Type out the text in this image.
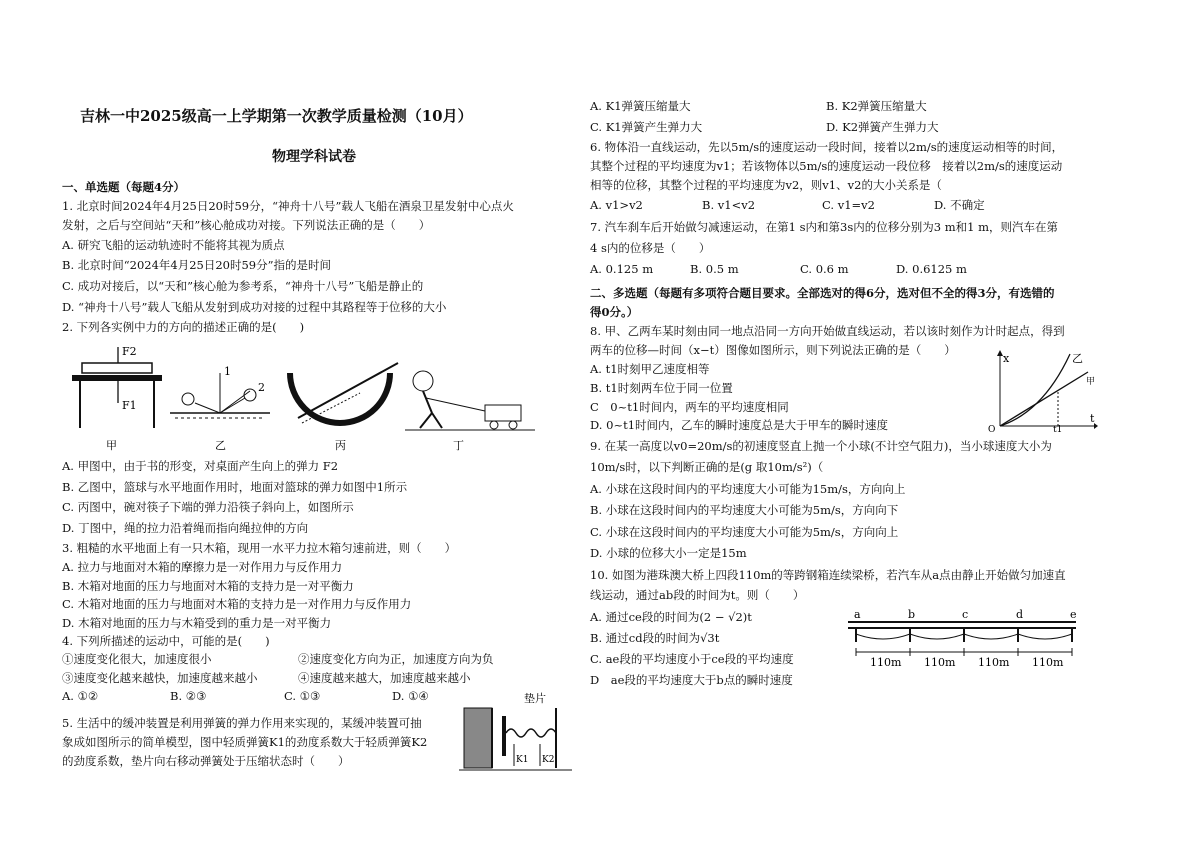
吉林一中2025级高一上学期第一次教学质量检测（10月）
物理学科试卷
一、单选题（每题4分）
1. 北京时间2024年4月25日20时59分，“神舟十八号”载人飞船在酒泉卫星发射中心点火
发射，之后与空间站“天和”核心舱成功对接。下列说法正确的是（　　）
A. 研究飞船的运动轨迹时不能将其视为质点
B. 北京时间“2024年4月25日20时59分”指的是时间
C. 成功对接后，以“天和”核心舱为参考系，“神舟十八号”飞船是静止的
D. “神舟十八号”载人飞船从发射到成功对接的过程中其路程等于位移的大小
2. 下列各实例中力的方向的描述正确的是(　　)
F2
F1
1
2
甲	乙	丙	丁
A. 甲图中，由于书的形变，对桌面产生向上的弹力 F2
B. 乙图中，篮球与水平地面作用时，地面对篮球的弹力如图中1所示
C. 丙图中，碗对筷子下端的弹力沿筷子斜向上，如图所示
D. 丁图中，绳的拉力沿着绳而指向绳拉伸的方向
3. 粗糙的水平地面上有一只木箱，现用一水平力拉木箱匀速前进，则（　　）
A. 拉力与地面对木箱的摩擦力是一对作用力与反作用力
B. 木箱对地面的压力与地面对木箱的支持力是一对平衡力
C. 木箱对地面的压力与地面对木箱的支持力是一对作用力与反作用力
D. 木箱对地面的压力与木箱受到的重力是一对平衡力
4. 下列所描述的运动中，可能的是(　　)
①速度变化很大，加速度很小	②速度变化方向为正，加速度方向为负
③速度变化越来越快，加速度越来越小	④速度越来越大，加速度越来越小
A. ①②	B. ②③	C. ①③	D. ①④
5. 生活中的缓冲装置是利用弹簧的弹力作用来实现的，某缓冲装置可抽
象成如图所示的简单模型，图中轻质弹簧K1的劲度系数大于轻质弹簧K2
的劲度系数，垫片向右移动弹簧处于压缩状态时（　　）
垫片
K1 K2
A. K1弹簧压缩量大	B. K2弹簧压缩量大
C. K1弹簧产生弹力大	D. K2弹簧产生弹力大
6. 物体沿一直线运动，先以5m/s的速度运动一段时间，接着以2m/s的速度运动相等的时间，
其整个过程的平均速度为v1；若该物体以5m/s的速度运动一段位移　接着以2m/s的速度运动
相等的位移，其整个过程的平均速度为v2，则v1、v2的大小关系是（
A. v1>v2	B. v1<v2	C. v1=v2	D. 不确定
7. 汽车刹车后开始做匀减速运动，在第1 s内和第3s内的位移分别为3 m和1 m，则汽车在第
4 s内的位移是（　　）
A. 0.125 m	B. 0.5 m	C. 0.6 m	D. 0.6125 m
二、多选题（每题有多项符合题目要求。全部选对的得6分，选对但不全的得3分，有选错的
得0分。）
8. 甲、乙两车某时刻由同一地点沿同一方向开始做直线运动，若以该时刻作为计时起点，得到
两车的位移—时间（x−t）图像如图所示，则下列说法正确的是（　　）
A. t1时刻甲乙速度相等
B. t1时刻两车位于同一位置
C　0~t1时间内，两车的平均速度相同
D. 0~t1时间内，乙车的瞬时速度总是大于甲车的瞬时速度
x
t
O	t1
乙
甲
9. 在某一高度以v0=20m/s的初速度竖直上抛一个小球(不计空气阻力)，当小球速度大小为
10m/s时，以下判断正确的是(g 取10m/s²)（
A. 小球在这段时间内的平均速度大小可能为15m/s，方向向上
B. 小球在这段时间内的平均速度大小可能为5m/s，方向向下
C. 小球在这段时间内的平均速度大小可能为5m/s，方向向上
D. 小球的位移大小一定是15m
10. 如图为港珠澳大桥上四段110m的等跨钢箱连续梁桥，若汽车从a点由静止开始做匀加速直
线运动，通过ab段的时间为t。则（　　）
A. 通过ce段的时间为(2 − √2)t
B. 通过cd段的时间为√3t
C. ae段的平均速度小于ce段的平均速度
D　ae段的平均速度大于b点的瞬时速度
a	b	c	d	e
110m 110m 110m 110m
